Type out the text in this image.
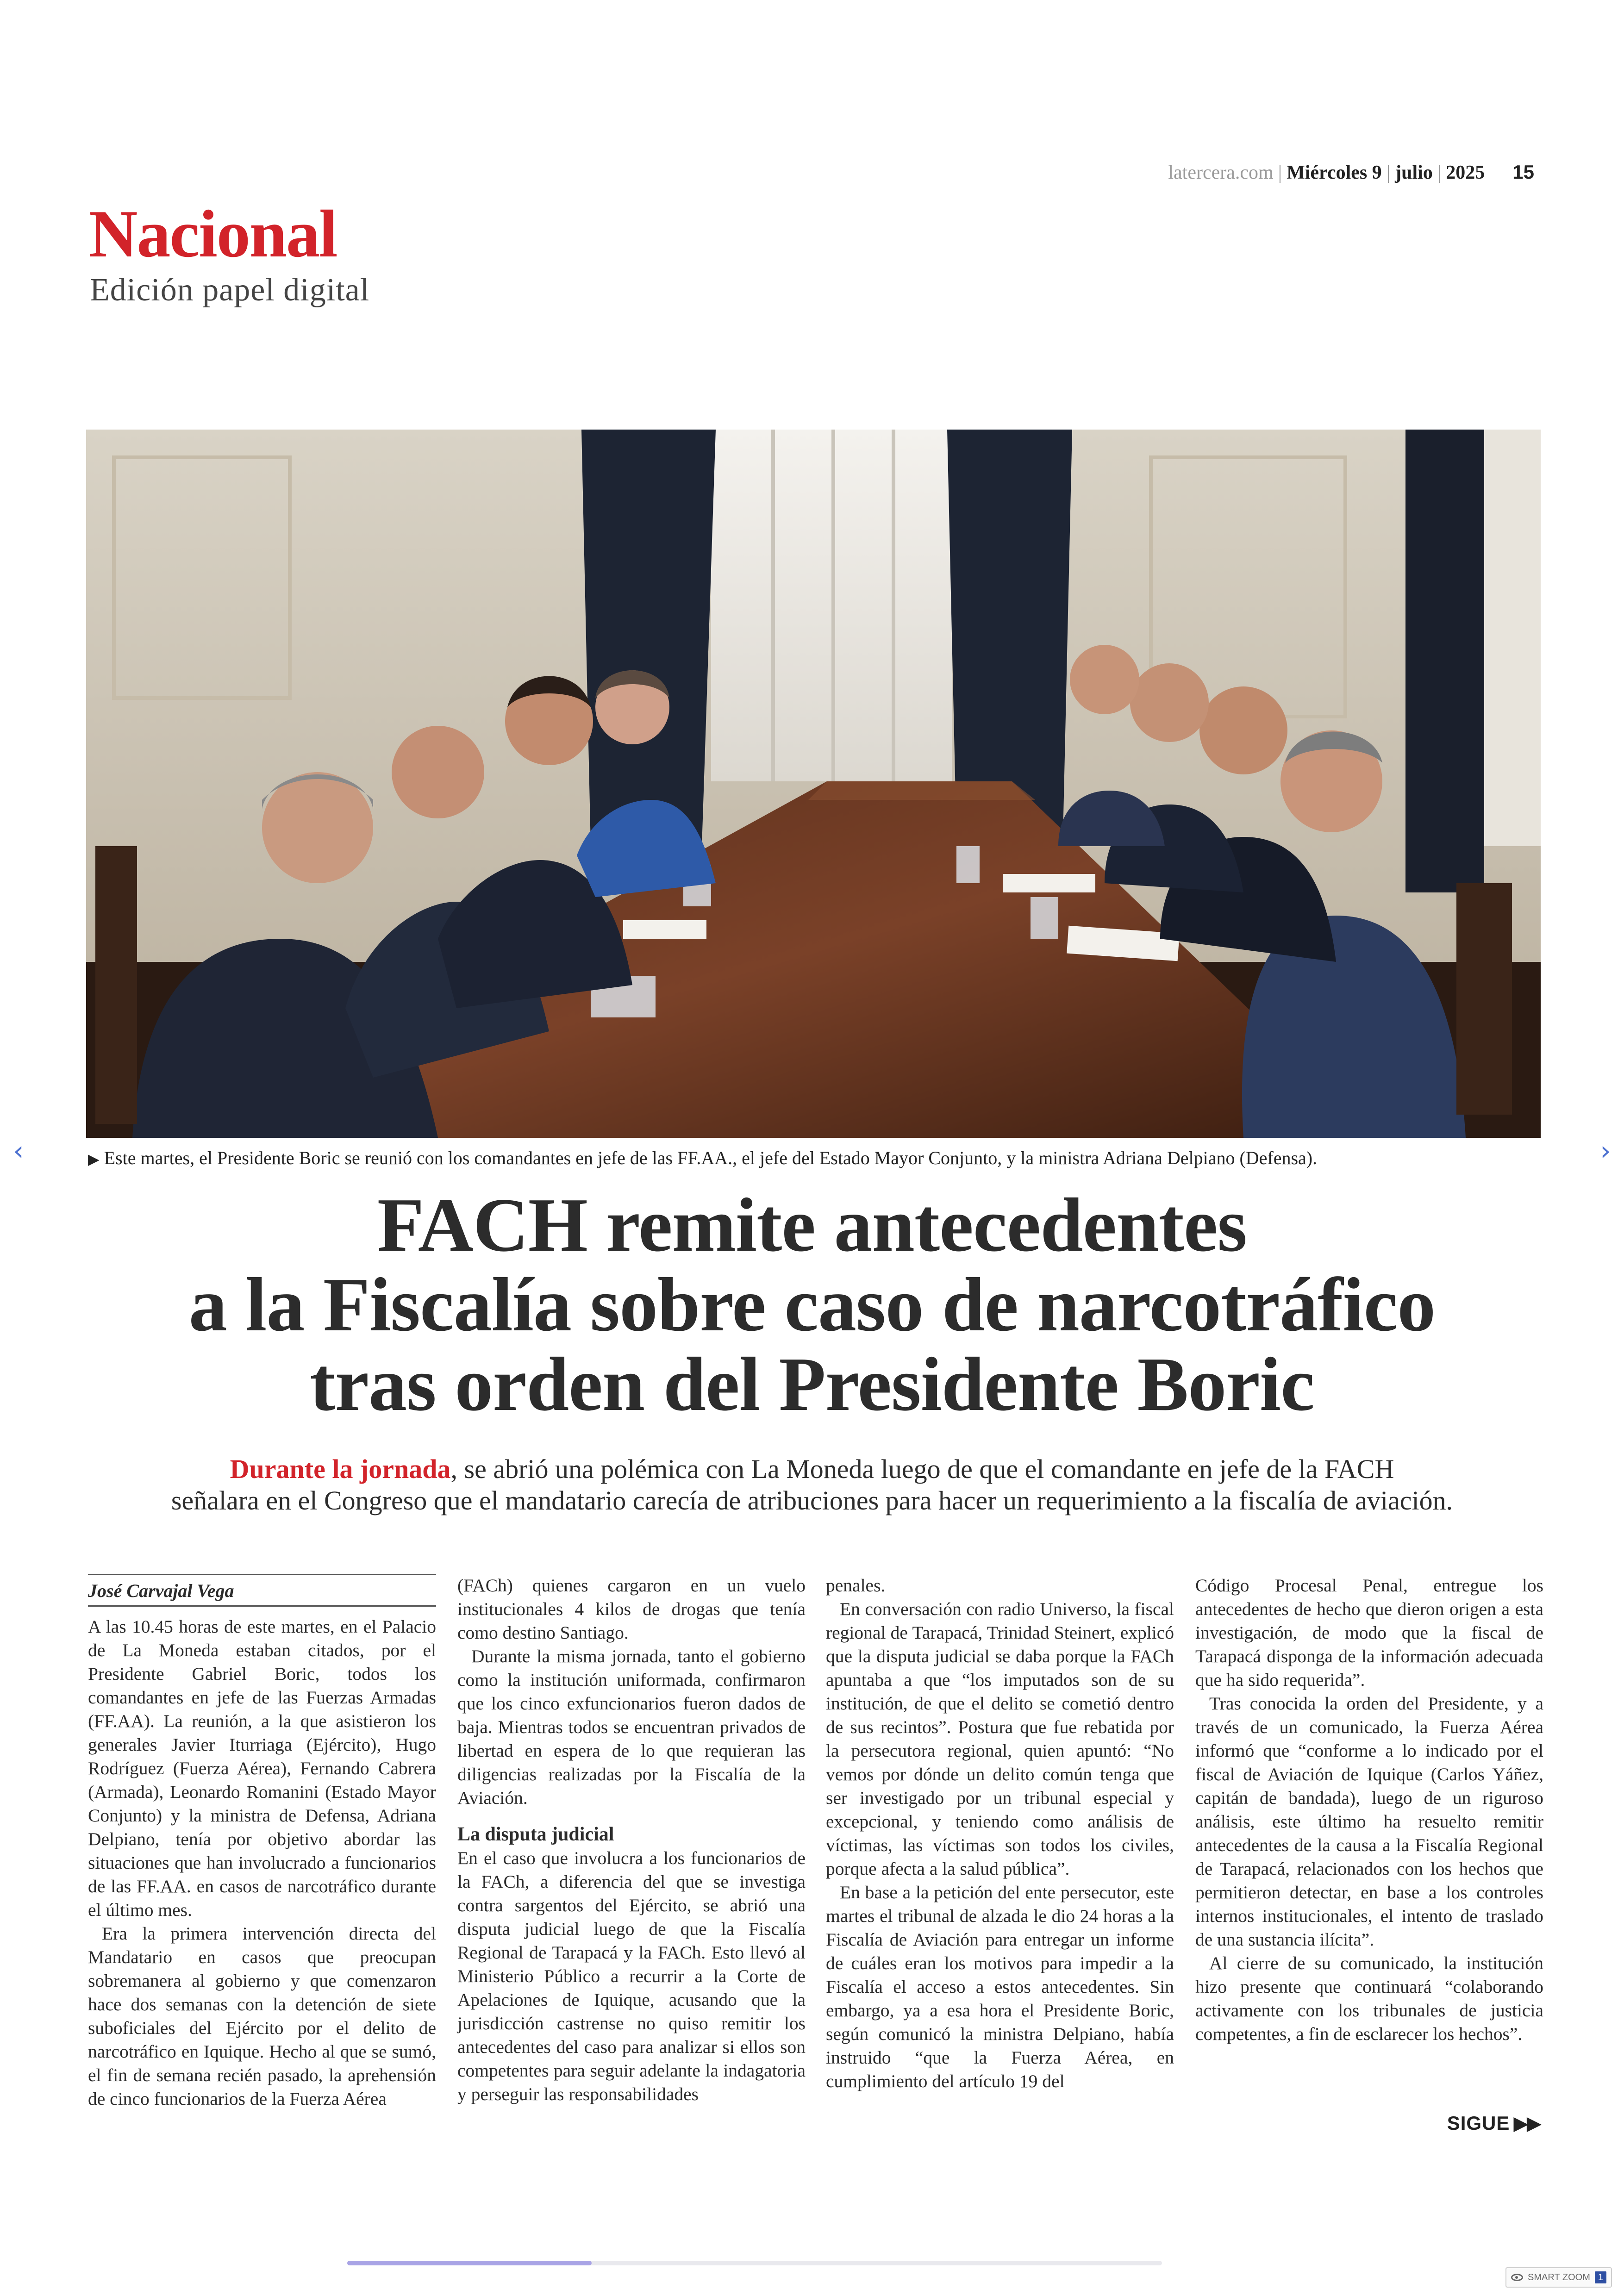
latercera.com | Miércoles 9 | julio | 2025 15
Nacional
Edición papel digital
▶ Este martes, el Presidente Boric se reunió con los comandantes en jefe de las FF.AA., el jefe del Estado Mayor Conjunto, y la ministra Adriana Delpiano (Defensa).
‹	›
FACH remite antecedentes
a la Fiscalía sobre caso de narcotráfico
tras orden del Presidente Boric
Durante la jornada, se abrió una polémica con La Moneda luego de que el comandante en jefe de la FACH
señalara en el Congreso que el mandatario carecía de atribuciones para hacer un requerimiento a la fiscalía de aviación.
José Carvajal Vega

A las 10.45 horas de este martes, en el Palacio de La Moneda estaban citados, por el Presidente Gabriel Boric, todos los comandantes en jefe de las Fuerzas Armadas (FF.AA). La reunión, a la que asistieron los generales Javier Iturriaga (Ejército), Hugo Rodríguez (Fuerza Aérea), Fernando Cabrera (Armada), Leonardo Romanini (Estado Mayor Conjunto) y la ministra de Defensa, Adriana Delpiano, tenía por objetivo abordar las situaciones que han involucrado a funcionarios de las FF.AA. en casos de narcotráfico durante el último mes.

Era la primera intervención directa del Mandatario en casos que preocupan sobremanera al gobierno y que comenzaron hace dos semanas con la detención de siete suboficiales del Ejército por el delito de narcotráfico en Iquique. Hecho al que se sumó, el fin de semana recién pasado, la aprehensión de cinco funcionarios de la Fuerza Aérea

(FACh) quienes cargaron en un vuelo institucionales 4 kilos de drogas que tenía como destino Santiago.

Durante la misma jornada, tanto el gobierno como la institución uniformada, confirmaron que los cinco exfuncionarios fueron dados de baja. Mientras todos se encuentran privados de libertad en espera de lo que requieran las diligencias realizadas por la Fiscalía de la Aviación.

La disputa judicial

En el caso que involucra a los funcionarios de la FACh, a diferencia del que se investiga contra sargentos del Ejército, se abrió una disputa judicial luego de que la Fiscalía Regional de Tarapacá y la FACh. Esto llevó al Ministerio Público a recurrir a la Corte de Apelaciones de Iquique, acusando que la jurisdicción castrense no quiso remitir los antecedentes del caso para analizar si ellos son competentes para seguir adelante la indagatoria y perseguir las responsabilidades

penales.

En conversación con radio Universo, la fiscal regional de Tarapacá, Trinidad Steinert, explicó que la disputa judicial se daba porque la FACh apuntaba a que “los imputados son de su institución, de que el delito se cometió dentro de sus recintos”. Postura que fue rebatida por la persecutora regional, quien apuntó: “No vemos por dónde un delito común tenga que ser investigado por un tribunal especial y excepcional, y teniendo como análisis de víctimas, las víctimas son todos los civiles, porque afecta a la salud pública”.

En base a la petición del ente persecutor, este martes el tribunal de alzada le dio 24 horas a la Fiscalía de Aviación para entregar un informe de cuáles eran los motivos para impedir a la Fiscalía el acceso a estos antecedentes. Sin embargo, ya a esa hora el Presidente Boric, según comunicó la ministra Delpiano, había instruido “que la Fuerza Aérea, en cumplimiento del artículo 19 del

Código Procesal Penal, entregue los antecedentes de hecho que dieron origen a esta investigación, de modo que la fiscal de Tarapacá disponga de la información adecuada que ha sido requerida”.

Tras conocida la orden del Presidente, y a través de un comunicado, la Fuerza Aérea informó que “conforme a lo indicado por el fiscal de Aviación de Iquique (Carlos Yáñez, capitán de bandada), luego de un riguroso análisis, este último ha resuelto remitir antecedentes de la causa a la Fiscalía Regional de Tarapacá, relacionados con los hechos que permitieron detectar, en base a los controles internos institucionales, el intento de traslado de una sustancia ilícita”.

Al cierre de su comunicado, la institución hizo presente que continuará “colaborando activamente con los tribunales de justicia competentes, a fin de esclarecer los hechos”.

SIGUE ▶▶
SMART ZOOM 1
